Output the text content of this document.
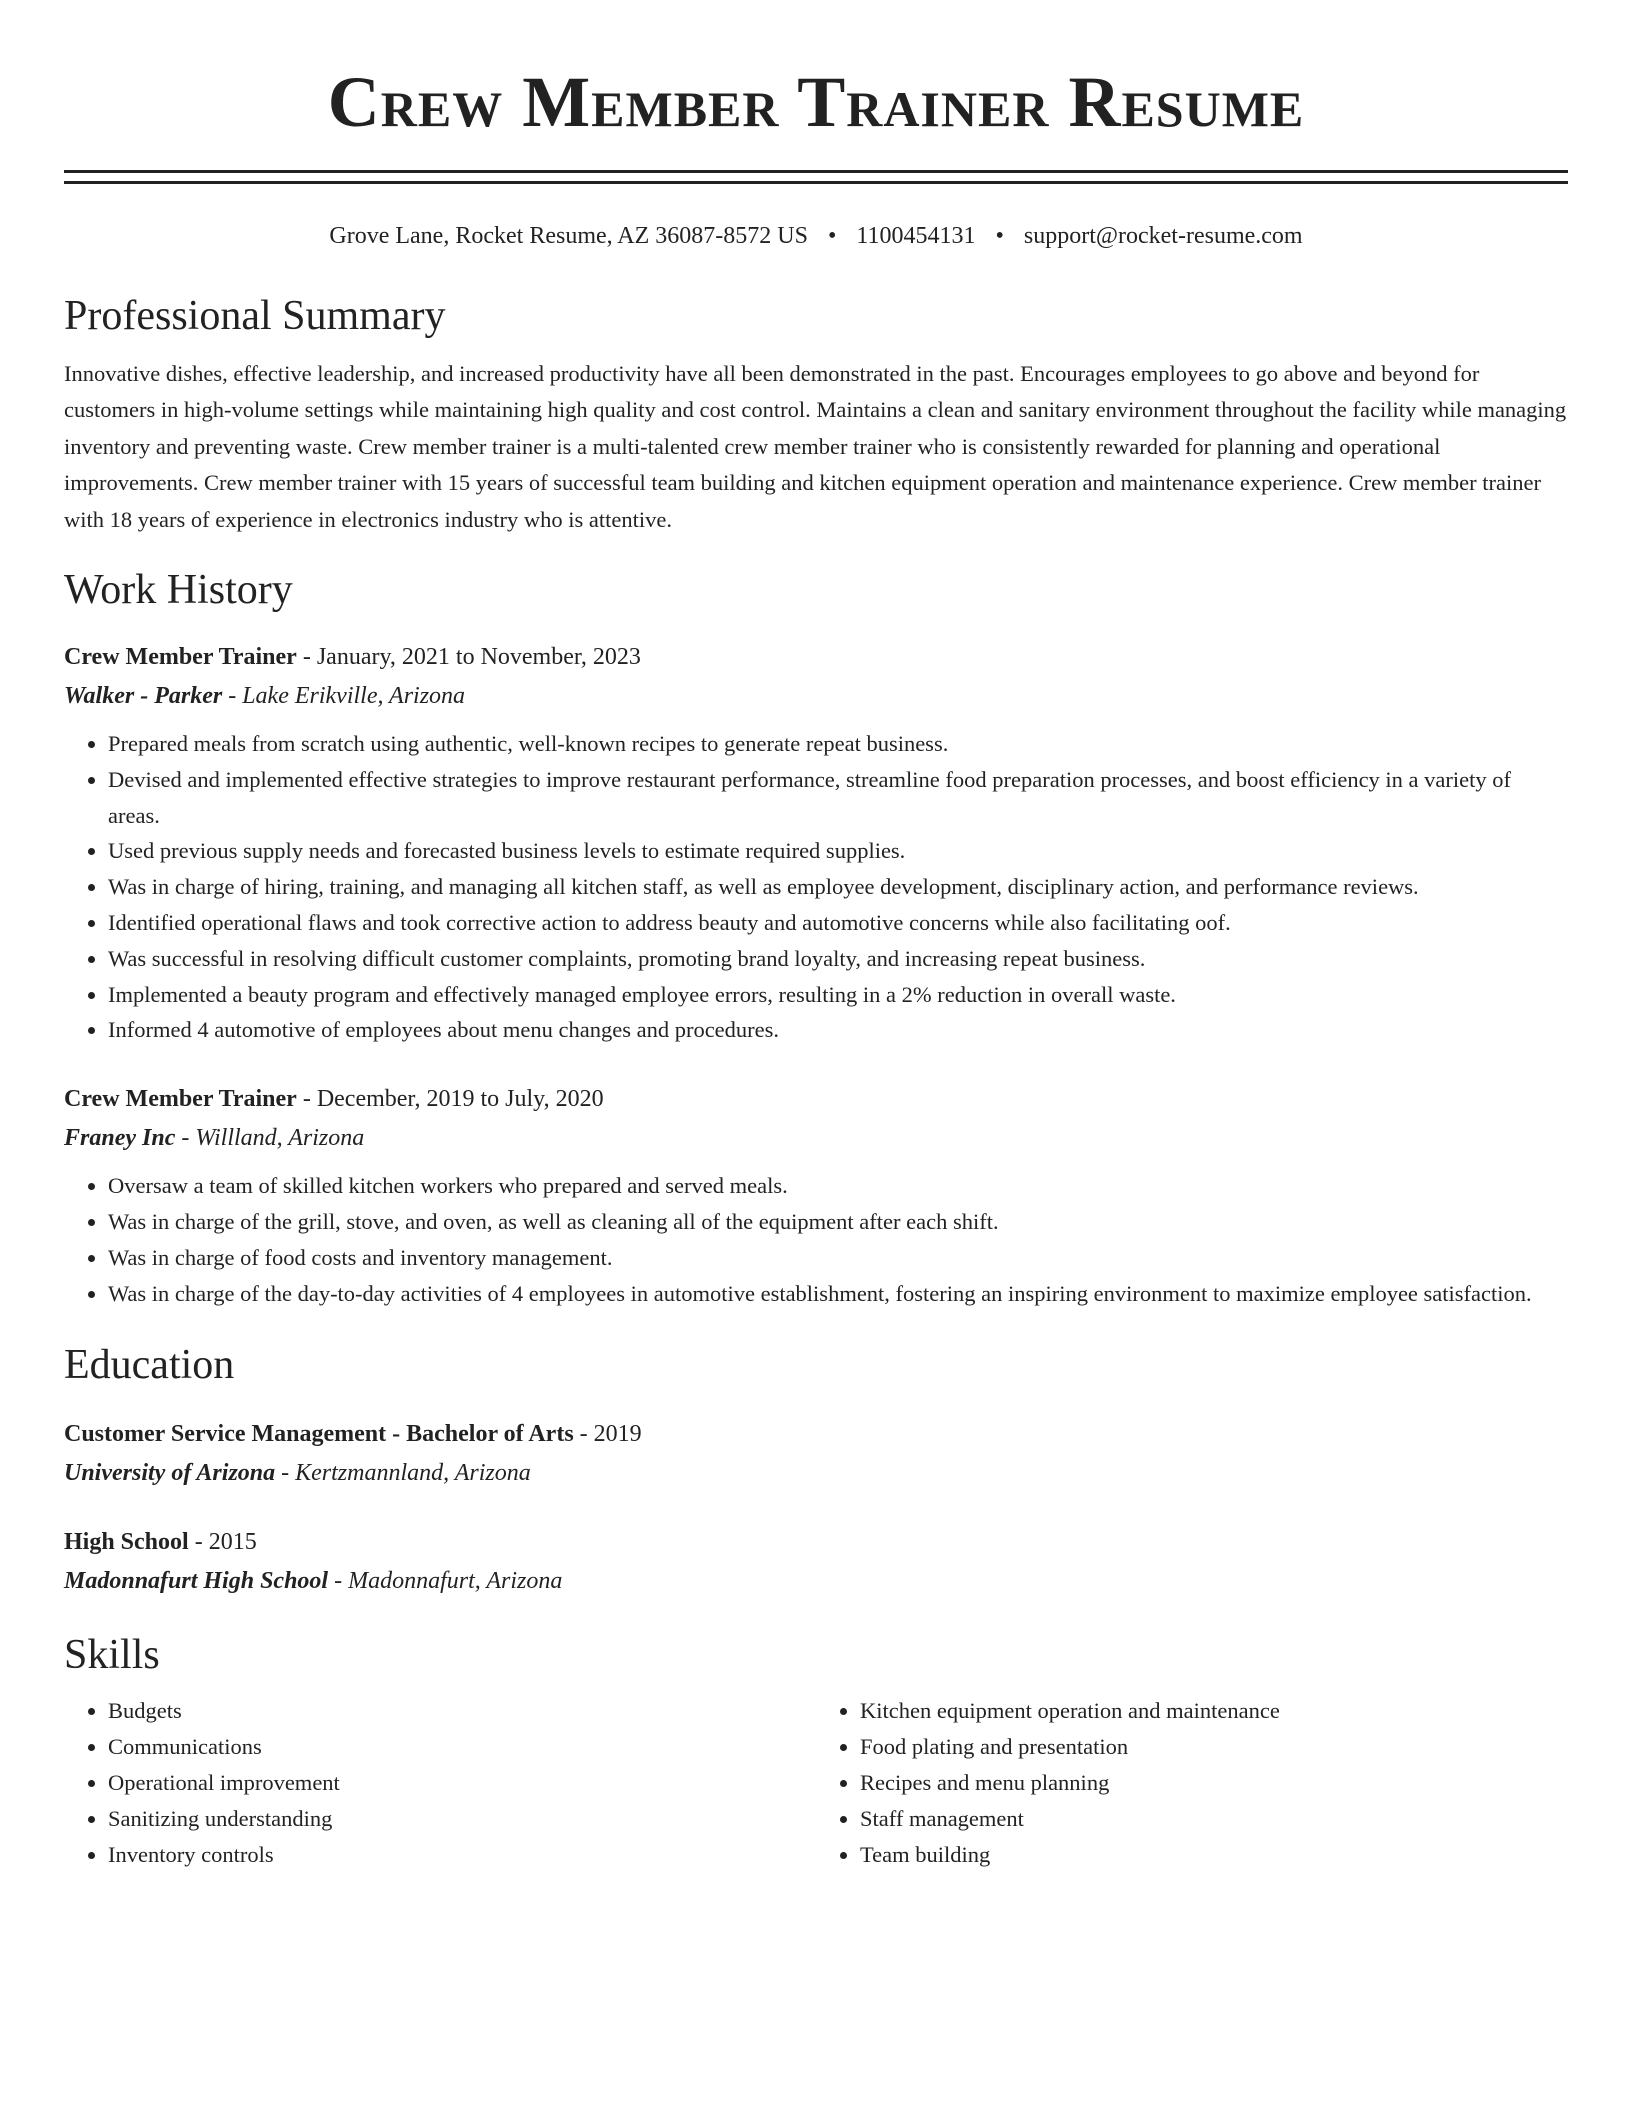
Crew Member Trainer Resume
Grove Lane, Rocket Resume, AZ 36087-8572 US • 1100454131 • support@rocket-resume.com
Professional Summary

Innovative dishes, effective leadership, and increased productivity have all been demonstrated in the past. Encourages employees to go above and beyond for customers in high-volume settings while maintaining high quality and cost control. Maintains a clean and sanitary environment throughout the facility while managing inventory and preventing waste. Crew member trainer is a multi-talented crew member trainer who is consistently rewarded for planning and operational improvements. Crew member trainer with 15 years of successful team building and kitchen equipment operation and maintenance experience. Crew member trainer with 18 years of experience in electronics industry who is attentive.

Work History
Crew Member Trainer - January, 2021 to November, 2023
Walker - Parker - Lake Erikville, Arizona
• Prepared meals from scratch using authentic, well-known recipes to generate repeat business.
• Devised and implemented effective strategies to improve restaurant performance, streamline food preparation processes, and boost efficiency in a variety of areas.
• Used previous supply needs and forecasted business levels to estimate required supplies.
• Was in charge of hiring, training, and managing all kitchen staff, as well as employee development, disciplinary action, and performance reviews.
• Identified operational flaws and took corrective action to address beauty and automotive concerns while also facilitating oof.
• Was successful in resolving difficult customer complaints, promoting brand loyalty, and increasing repeat business.
• Implemented a beauty program and effectively managed employee errors, resulting in a 2% reduction in overall waste.
• Informed 4 automotive of employees about menu changes and procedures.
Crew Member Trainer - December, 2019 to July, 2020
Franey Inc - Willland, Arizona
• Oversaw a team of skilled kitchen workers who prepared and served meals.
• Was in charge of the grill, stove, and oven, as well as cleaning all of the equipment after each shift.
• Was in charge of food costs and inventory management.
• Was in charge of the day-to-day activities of 4 employees in automotive establishment, fostering an inspiring environment to maximize employee satisfaction.
Education
Customer Service Management - Bachelor of Arts - 2019
University of Arizona - Kertzmannland, Arizona
High School - 2015
Madonnafurt High School - Madonnafurt, Arizona
Skills
• Budgets
• Communications
• Operational improvement
• Sanitizing understanding
• Inventory controls
• Kitchen equipment operation and maintenance
• Food plating and presentation
• Recipes and menu planning
• Staff management
• Team building
